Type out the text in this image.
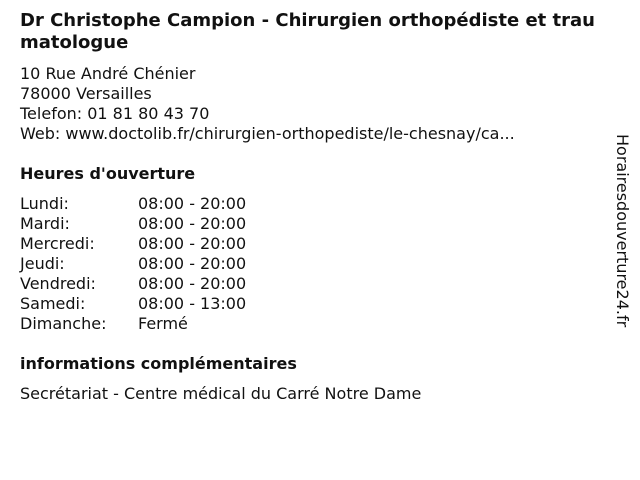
Dr Christophe Campion - Chirurgien orthopédiste et traumatologue
10 Rue André Chénier
78000 Versailles
Telefon: 01 81 80 43 70
Web: www.doctolib.fr/chirurgien-orthopediste/le-chesnay/ca...
Heures d'ouverture
Lundi:	08:00 - 20:00
Mardi:	08:00 - 20:00
Mercredi:	08:00 - 20:00
Jeudi:	08:00 - 20:00
Vendredi:	08:00 - 20:00
Samedi:	08:00 - 13:00
Dimanche:	Fermé
informations complémentaires
Secrétariat - Centre médical du Carré Notre Dame
Horairesdouverture24.fr
